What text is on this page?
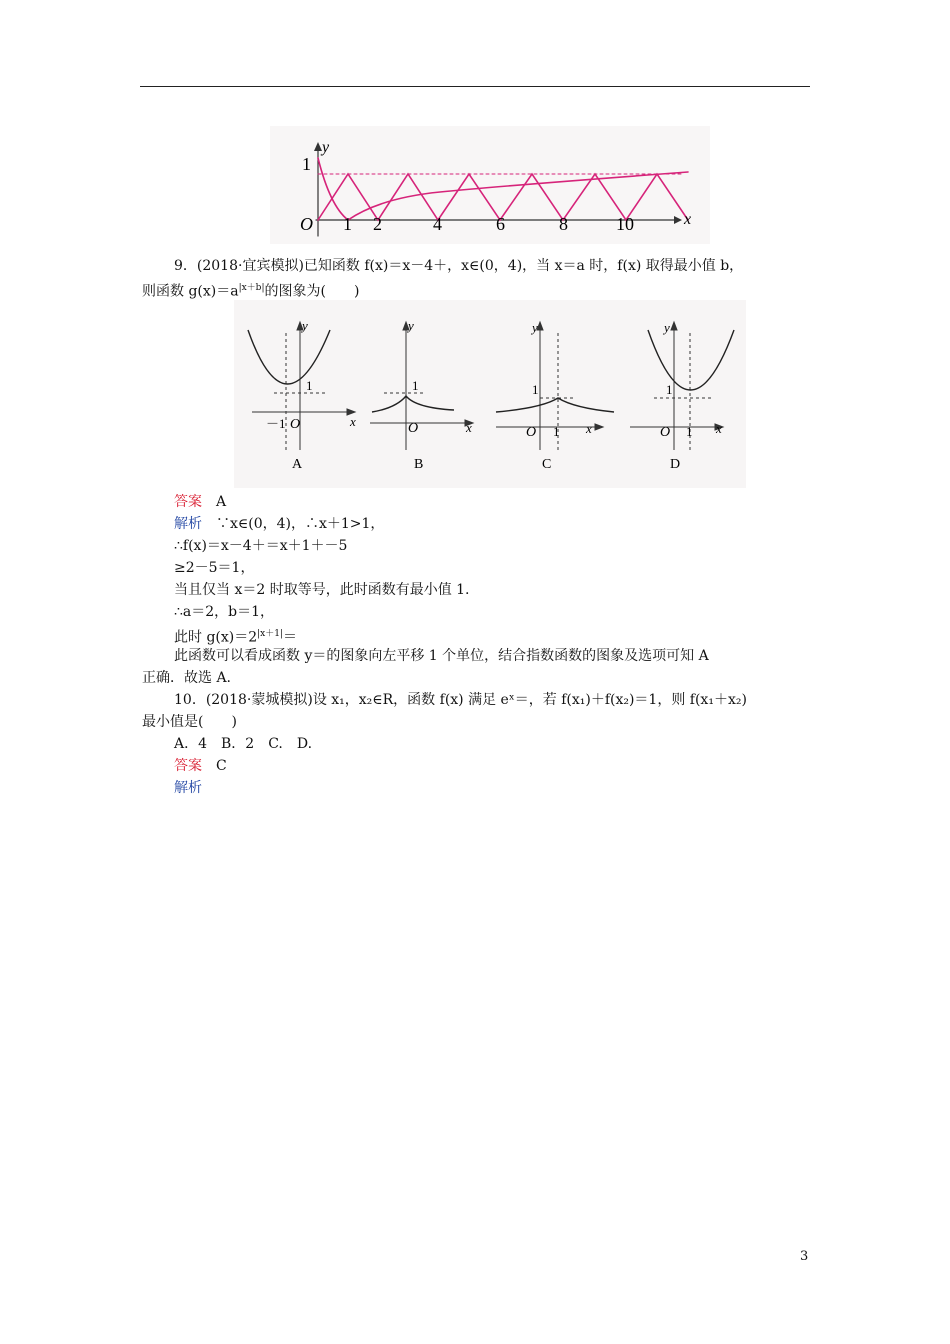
y
x
O
1
1 2	4	6	8	10
9．(2018·宜宾模拟)已知函数 f(x)＝x－4＋，x∈(0，4)，当 x＝a 时，f(x) 取得最小值 b，
则函数 $g(x)=a^{|x+b|}$的图象为(　　)
y
x
O
1
－1
A
y
x
O
1
B
y
x
O
1
1
C
y
x
O
1
1
D
答案　 A
解析　 ∵x∈(0，4)，∴x＋1>1，
∴f(x)＝x－4＋＝x＋1＋－5
≥2－5＝1，
当且仅当 x＝2 时取等号，此时函数有最小值 1.
∴a＝2，b＝1，
此时 $g(x)=2^{|x+1|}=$
此函数可以看成函数 y＝的图象向左平移 1 个单位，结合指数函数的图象及选项可知 A
正确．故选 A.
10．(2018·蒙城模拟)设 x₁，x₂∈R，函数 f(x) 满足 eˣ＝，若 f(x₁)＋f(x₂)＝1，则 f(x₁＋x₂)
最小值是(　　)
A．4　B．2　C.　D.
答案　 C
解析
3
